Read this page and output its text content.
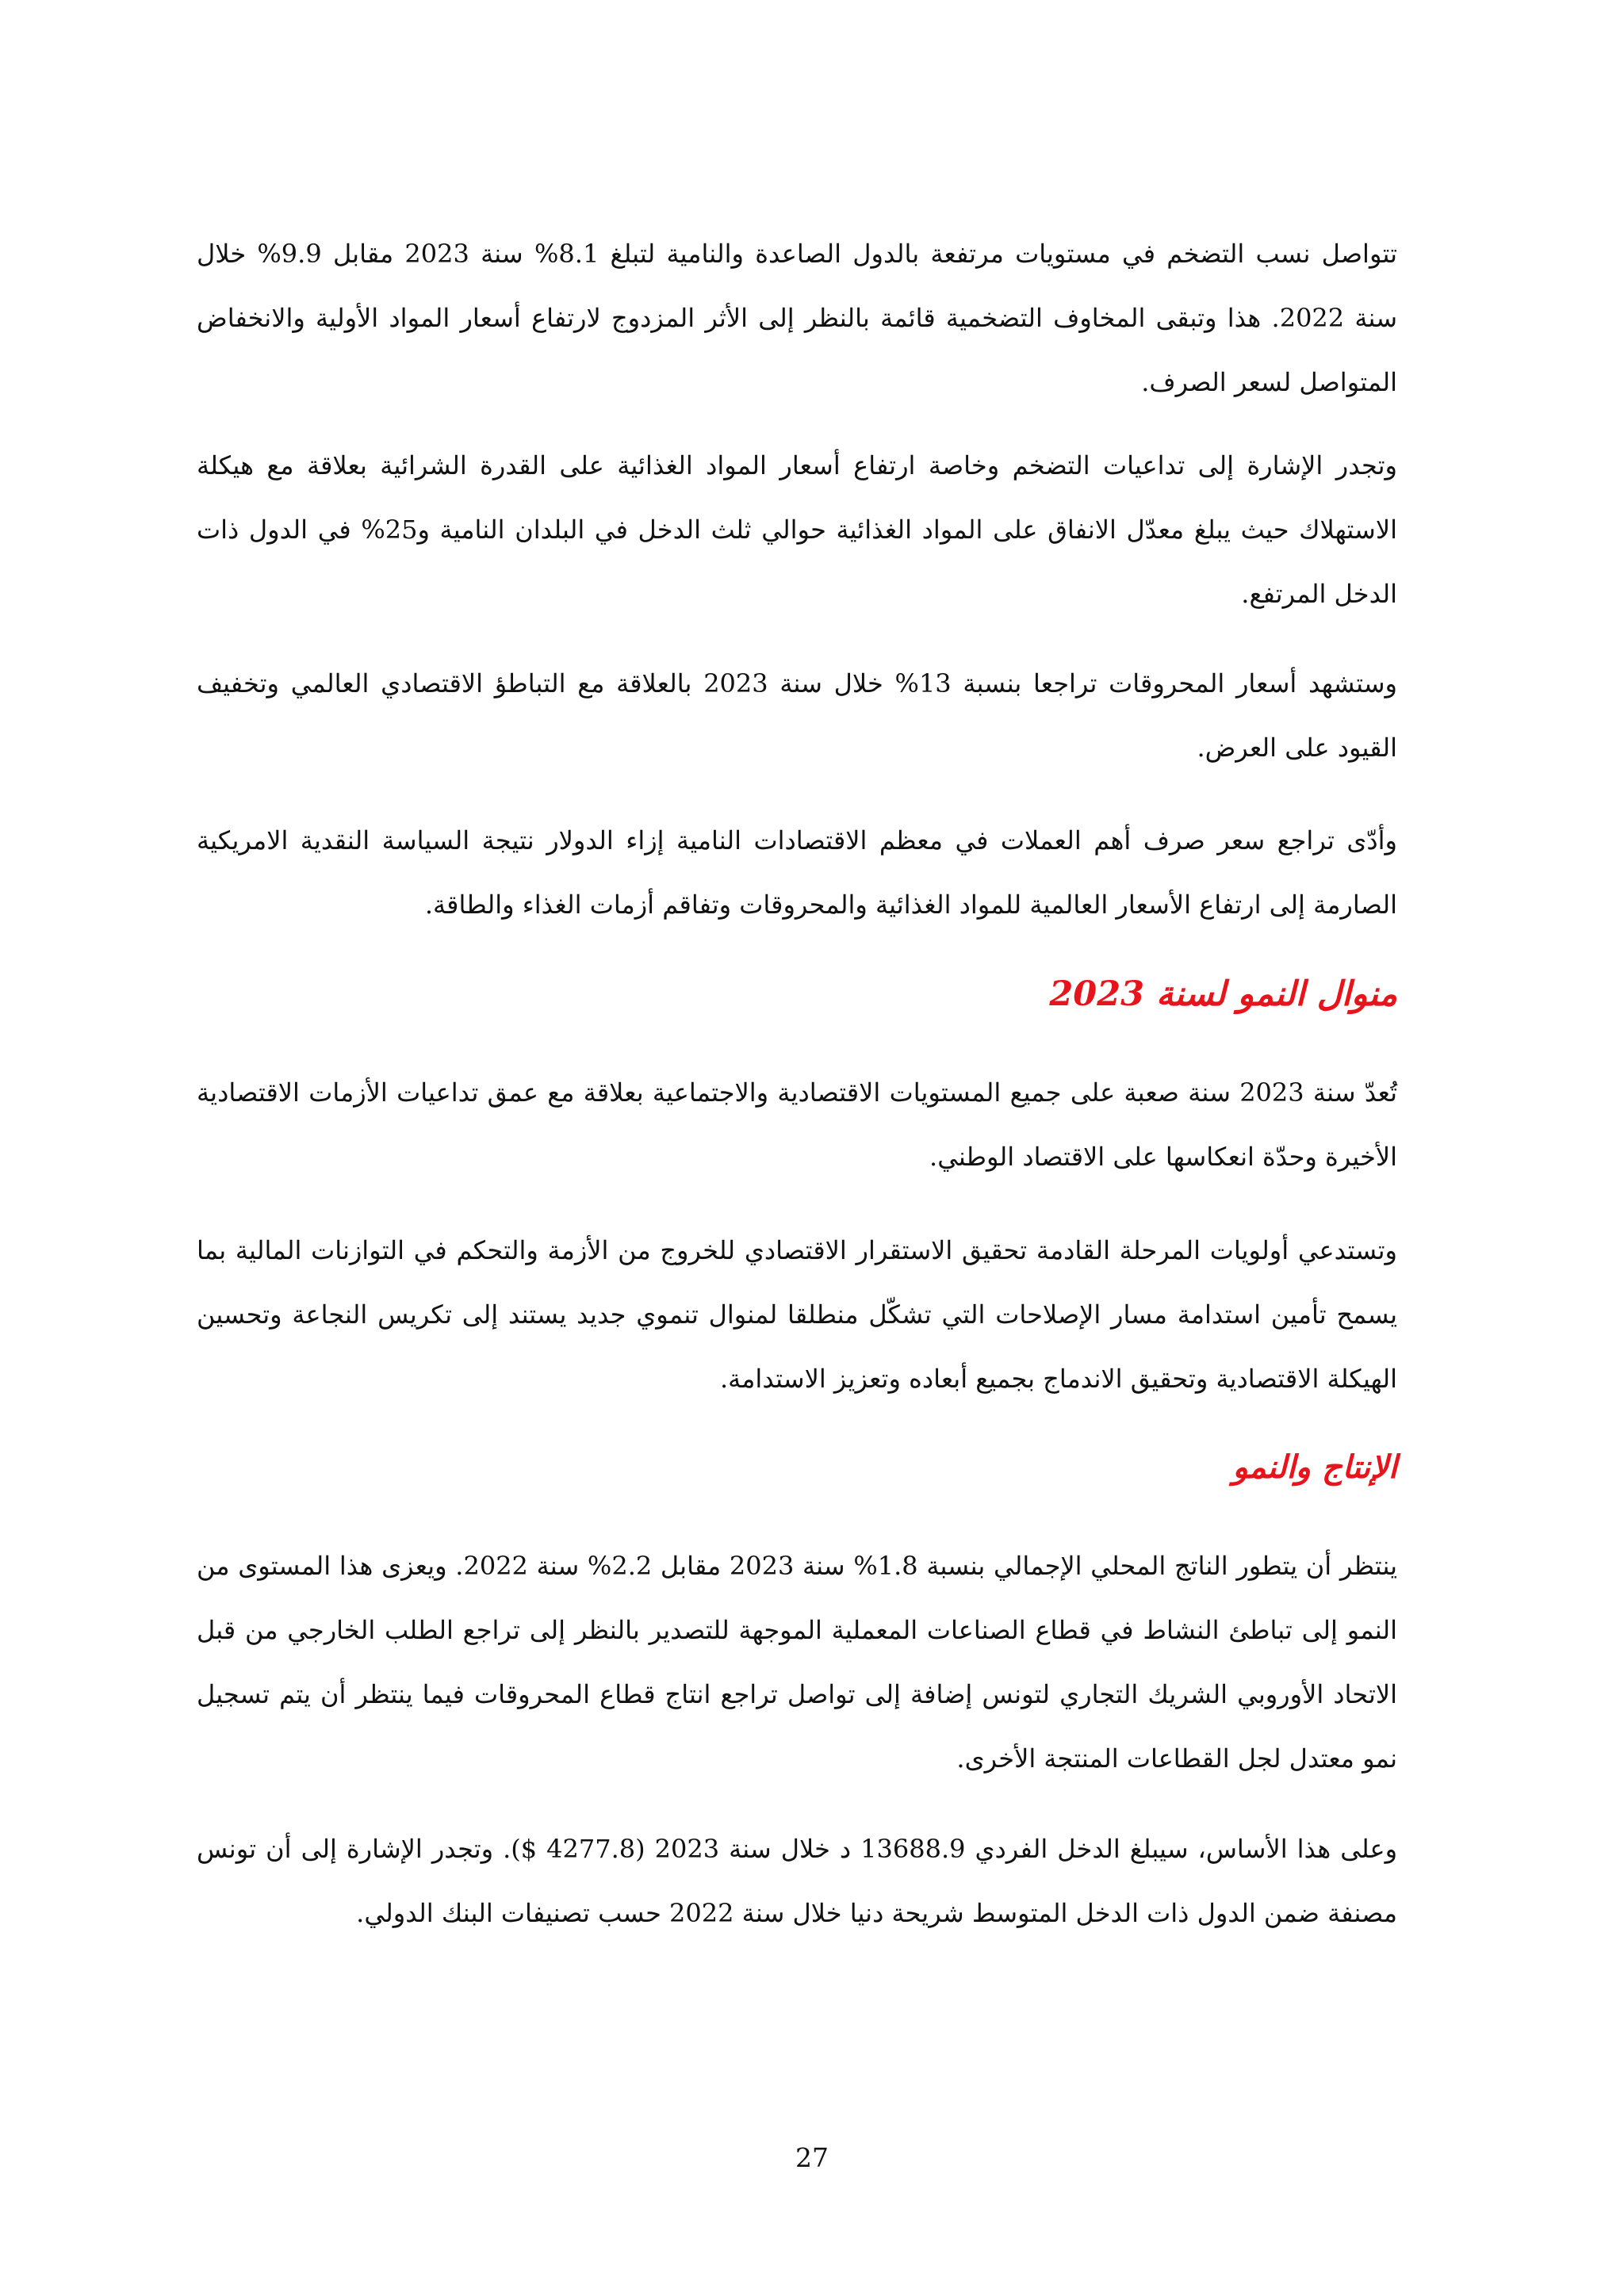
تتواصل نسب التضخم في مستويات مرتفعة بالدول الصاعدة والنامية لتبلغ 8.1% سنة 2023 مقابل 9.9% خلال سنة 2022. هذا وتبقى المخاوف التضخمية قائمة بالنظر إلى الأثر المزدوج لارتفاع أسعار المواد الأولية والانخفاض المتواصل لسعر الصرف.

وتجدر الإشارة إلى تداعيات التضخم وخاصة ارتفاع أسعار المواد الغذائية على القدرة الشرائية بعلاقة مع هيكلة الاستهلاك حيث يبلغ معدّل الانفاق على المواد الغذائية حوالي ثلث الدخل في البلدان النامية و25% في الدول ذات الدخل المرتفع.

وستشهد أسعار المحروقات تراجعا بنسبة 13% خلال سنة 2023 بالعلاقة مع التباطؤ الاقتصادي العالمي وتخفيف القيود على العرض.

وأدّى تراجع سعر صرف أهم العملات في معظم الاقتصادات النامية إزاء الدولار نتيجة السياسة النقدية الامريكية الصارمة إلى ارتفاع الأسعار العالمية للمواد الغذائية والمحروقات وتفاقم أزمات الغذاء والطاقة.

منوال النمو لسنة 2023

تُعدّ سنة 2023 سنة صعبة على جميع المستويات الاقتصادية والاجتماعية بعلاقة مع عمق تداعيات الأزمات الاقتصادية الأخيرة وحدّة انعكاسها على الاقتصاد الوطني.

وتستدعي أولويات المرحلة القادمة تحقيق الاستقرار الاقتصادي للخروج من الأزمة والتحكم في التوازنات المالية بما يسمح تأمين استدامة مسار الإصلاحات التي تشكّل منطلقا لمنوال تنموي جديد يستند إلى تكريس النجاعة وتحسين الهيكلة الاقتصادية وتحقيق الاندماج بجميع أبعاده وتعزيز الاستدامة.

الإنتاج والنمو

ينتظر أن يتطور الناتج المحلي الإجمالي بنسبة 1.8% سنة 2023 مقابل 2.2% سنة 2022. ويعزى هذا المستوى من النمو إلى تباطئ النشاط في قطاع الصناعات المعملية الموجهة للتصدير بالنظر إلى تراجع الطلب الخارجي من قبل الاتحاد الأوروبي الشريك التجاري لتونس إضافة إلى تواصل تراجع انتاج قطاع المحروقات فيما ينتظر أن يتم تسجيل نمو معتدل لجل القطاعات المنتجة الأخرى.

وعلى هذا الأساس، سيبلغ الدخل الفردي 13688.9 د خلال سنة 2023 (4277.8 $). وتجدر الإشارة إلى أن تونس مصنفة ضمن الدول ذات الدخل المتوسط شريحة دنيا خلال سنة 2022 حسب تصنيفات البنك الدولي.

27
